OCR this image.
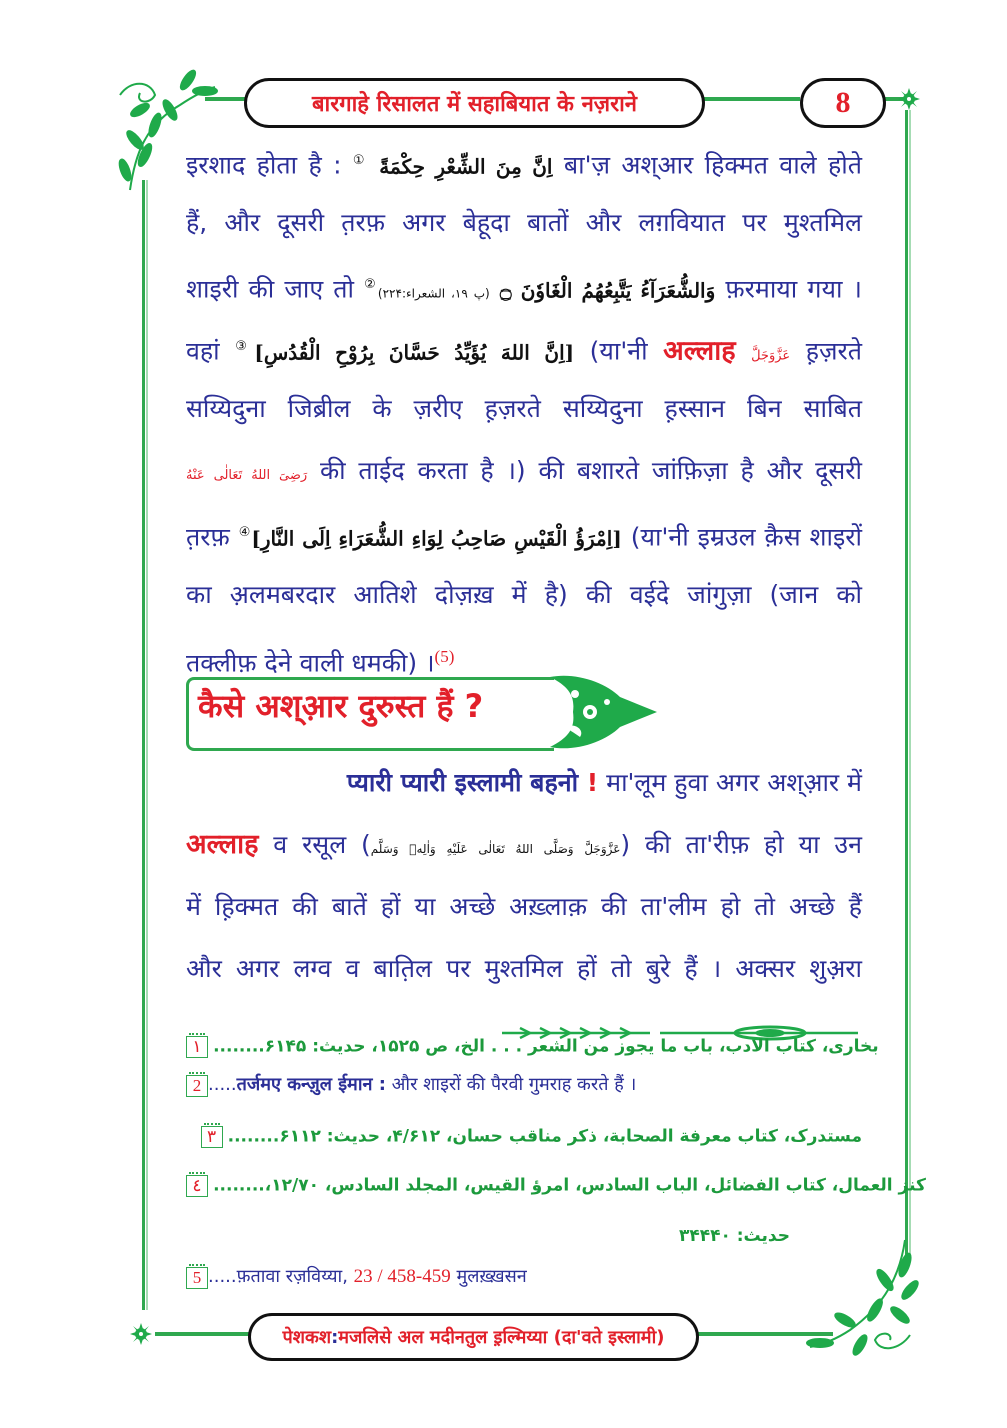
बारगाहे रिसालत में सहाबियात के नज़राने	8
इरशाद होता है : ① اِنَّ مِنَ الشِّعْرِ حِكْمَةً बा'ज़ अश्आर हिक्मत वाले होते
हैं, और दूसरी त़रफ़ अगर बेहूदा बातों और लग़वियात पर मुश्तमिल
शाइरी की जाए तो ②(پ ۱۹، الشعراء:۲۲۴) وَالشُّعَرَآءُ يَتَّبِعُهُمُ الْغَاوٗنَ ۝ फ़रमाया गया ।
वहां ③[اِنَّ اللهَ يُؤَيِّدُ حَسَّانَ بِرُوْحِ الْقُدُسِ] (या'नी अल्लाह عَزَّوَجَلَّ ह़ज़रते
सय्यिदुना जिब्रील के ज़रीए ह़ज़रते सय्यिदुना ह़स्सान बिन साबित
رَضِیَ اللهُ تَعَالٰی عَنْهُ की ताईद करता है ।) की बशारते जांफ़िज़ा है और दूसरी
त़रफ़ ④[اِمْرَؤُ الْقَيْسِ صَاحِبُ لِوَاءِ الشُّعَرَاءِ اِلَى النَّارِ] (या'नी इम्रउल क़ैस शाइरों
का अ़लमबरदार आतिशे दोज़ख़ में है) की वईदे जांगुज़ा (जान को
तक्लीफ़ देने वाली धमकी) ।$^{(5)}$
कैसे अश्आ़र दुरुस्त हैं ?
प्यारी प्यारी इस्लामी बहनो ! मा'लूम हुवा अगर अश्आ़र में
अल्लाह व रसूल (عَزَّوَجَلَّ وَصَلَّى اللهُ تَعَالٰى عَلَيْهِ وَاٰلِهٖ وَسَلَّم) की ता'रीफ़ हो या उन
में ह़िक्मत की बातें हों या अच्छे अख़्लाक़ की ता'लीम हो तो अच्छे हैं
और अगर लग्व व बात़िल पर मुश्तमिल हों तो बुरे हैं । अक्सर शुअ़रा
١ ........بخاری، کتاب الادب، باب ما یجوز من الشعر . . . الخ، ص ۱۵۲۵، حدیث: ۶۱۴۵
2 .....तर्जमए कन्ज़ुल ईमान : और शाइरों की पैरवी गुमराह करते हैं ।
٣ ........مستدرک، کتاب معرفة الصحابة، ذکر مناقب حسان، ۴/۶۱۲، حدیث: ۶۱۱۲
٤ ........کنز العمال، کتاب الفضائل، الباب السادس، امرؤ القیس، المجلد السادس، ۱۲/۷۰،
حدیث: ۳۴۴۴۰
5 .....फ़तावा रज़विय्या, 23 / 458-459 मुलख़्ख़सन
पेशकश : मजलिसे अल मदीनतुल इ़ल्मिय्या (दा'वते इस्लामी)
